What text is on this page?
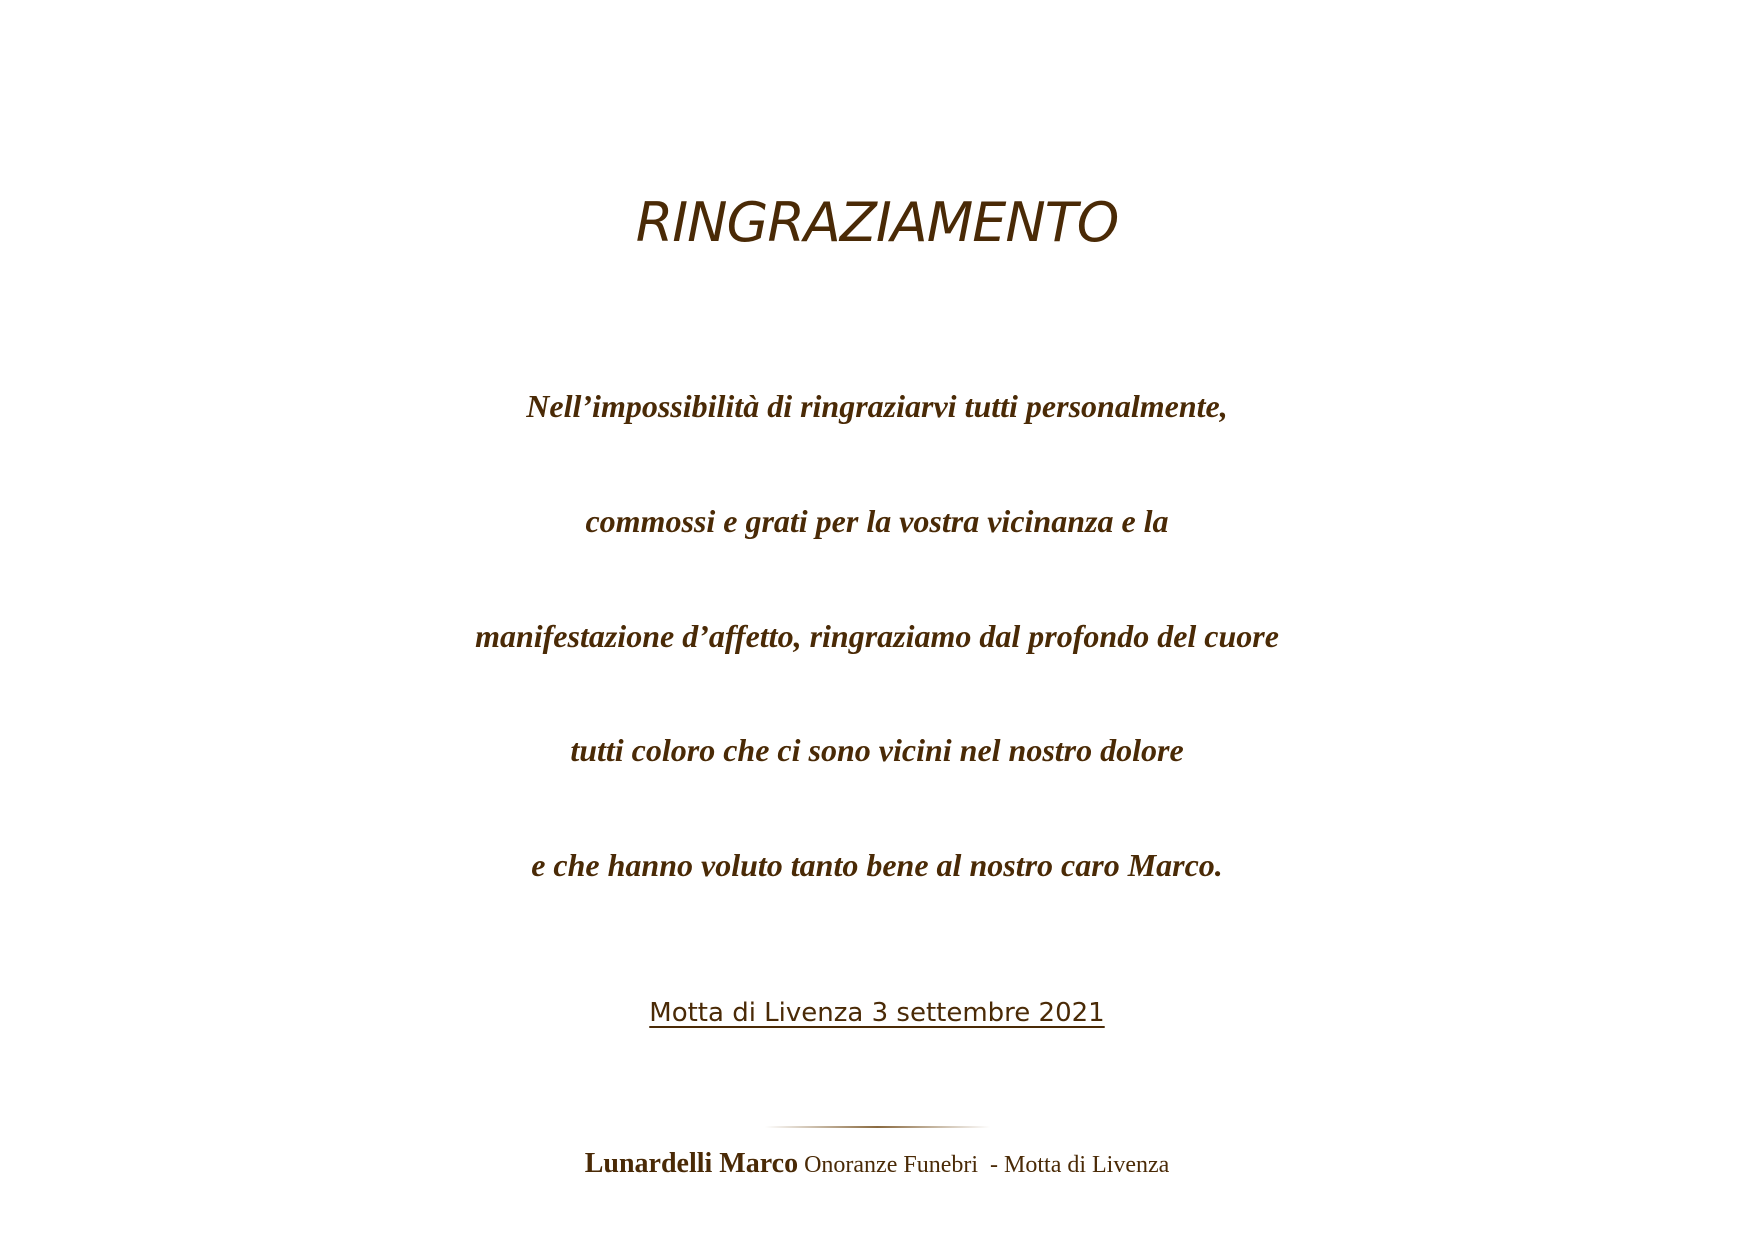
RINGRAZIAMENTO
Nell’impossibilità di ringraziarvi tutti personalmente,
commossi e grati per la vostra vicinanza e la
manifestazione d’affetto, ringraziamo dal profondo del cuore
tutti coloro che ci sono vicini nel nostro dolore
e che hanno voluto tanto bene al nostro caro Marco.
Motta di Livenza 3 settembre 2021
Lunardelli Marco Onoranze Funebri  - Motta di Livenza
